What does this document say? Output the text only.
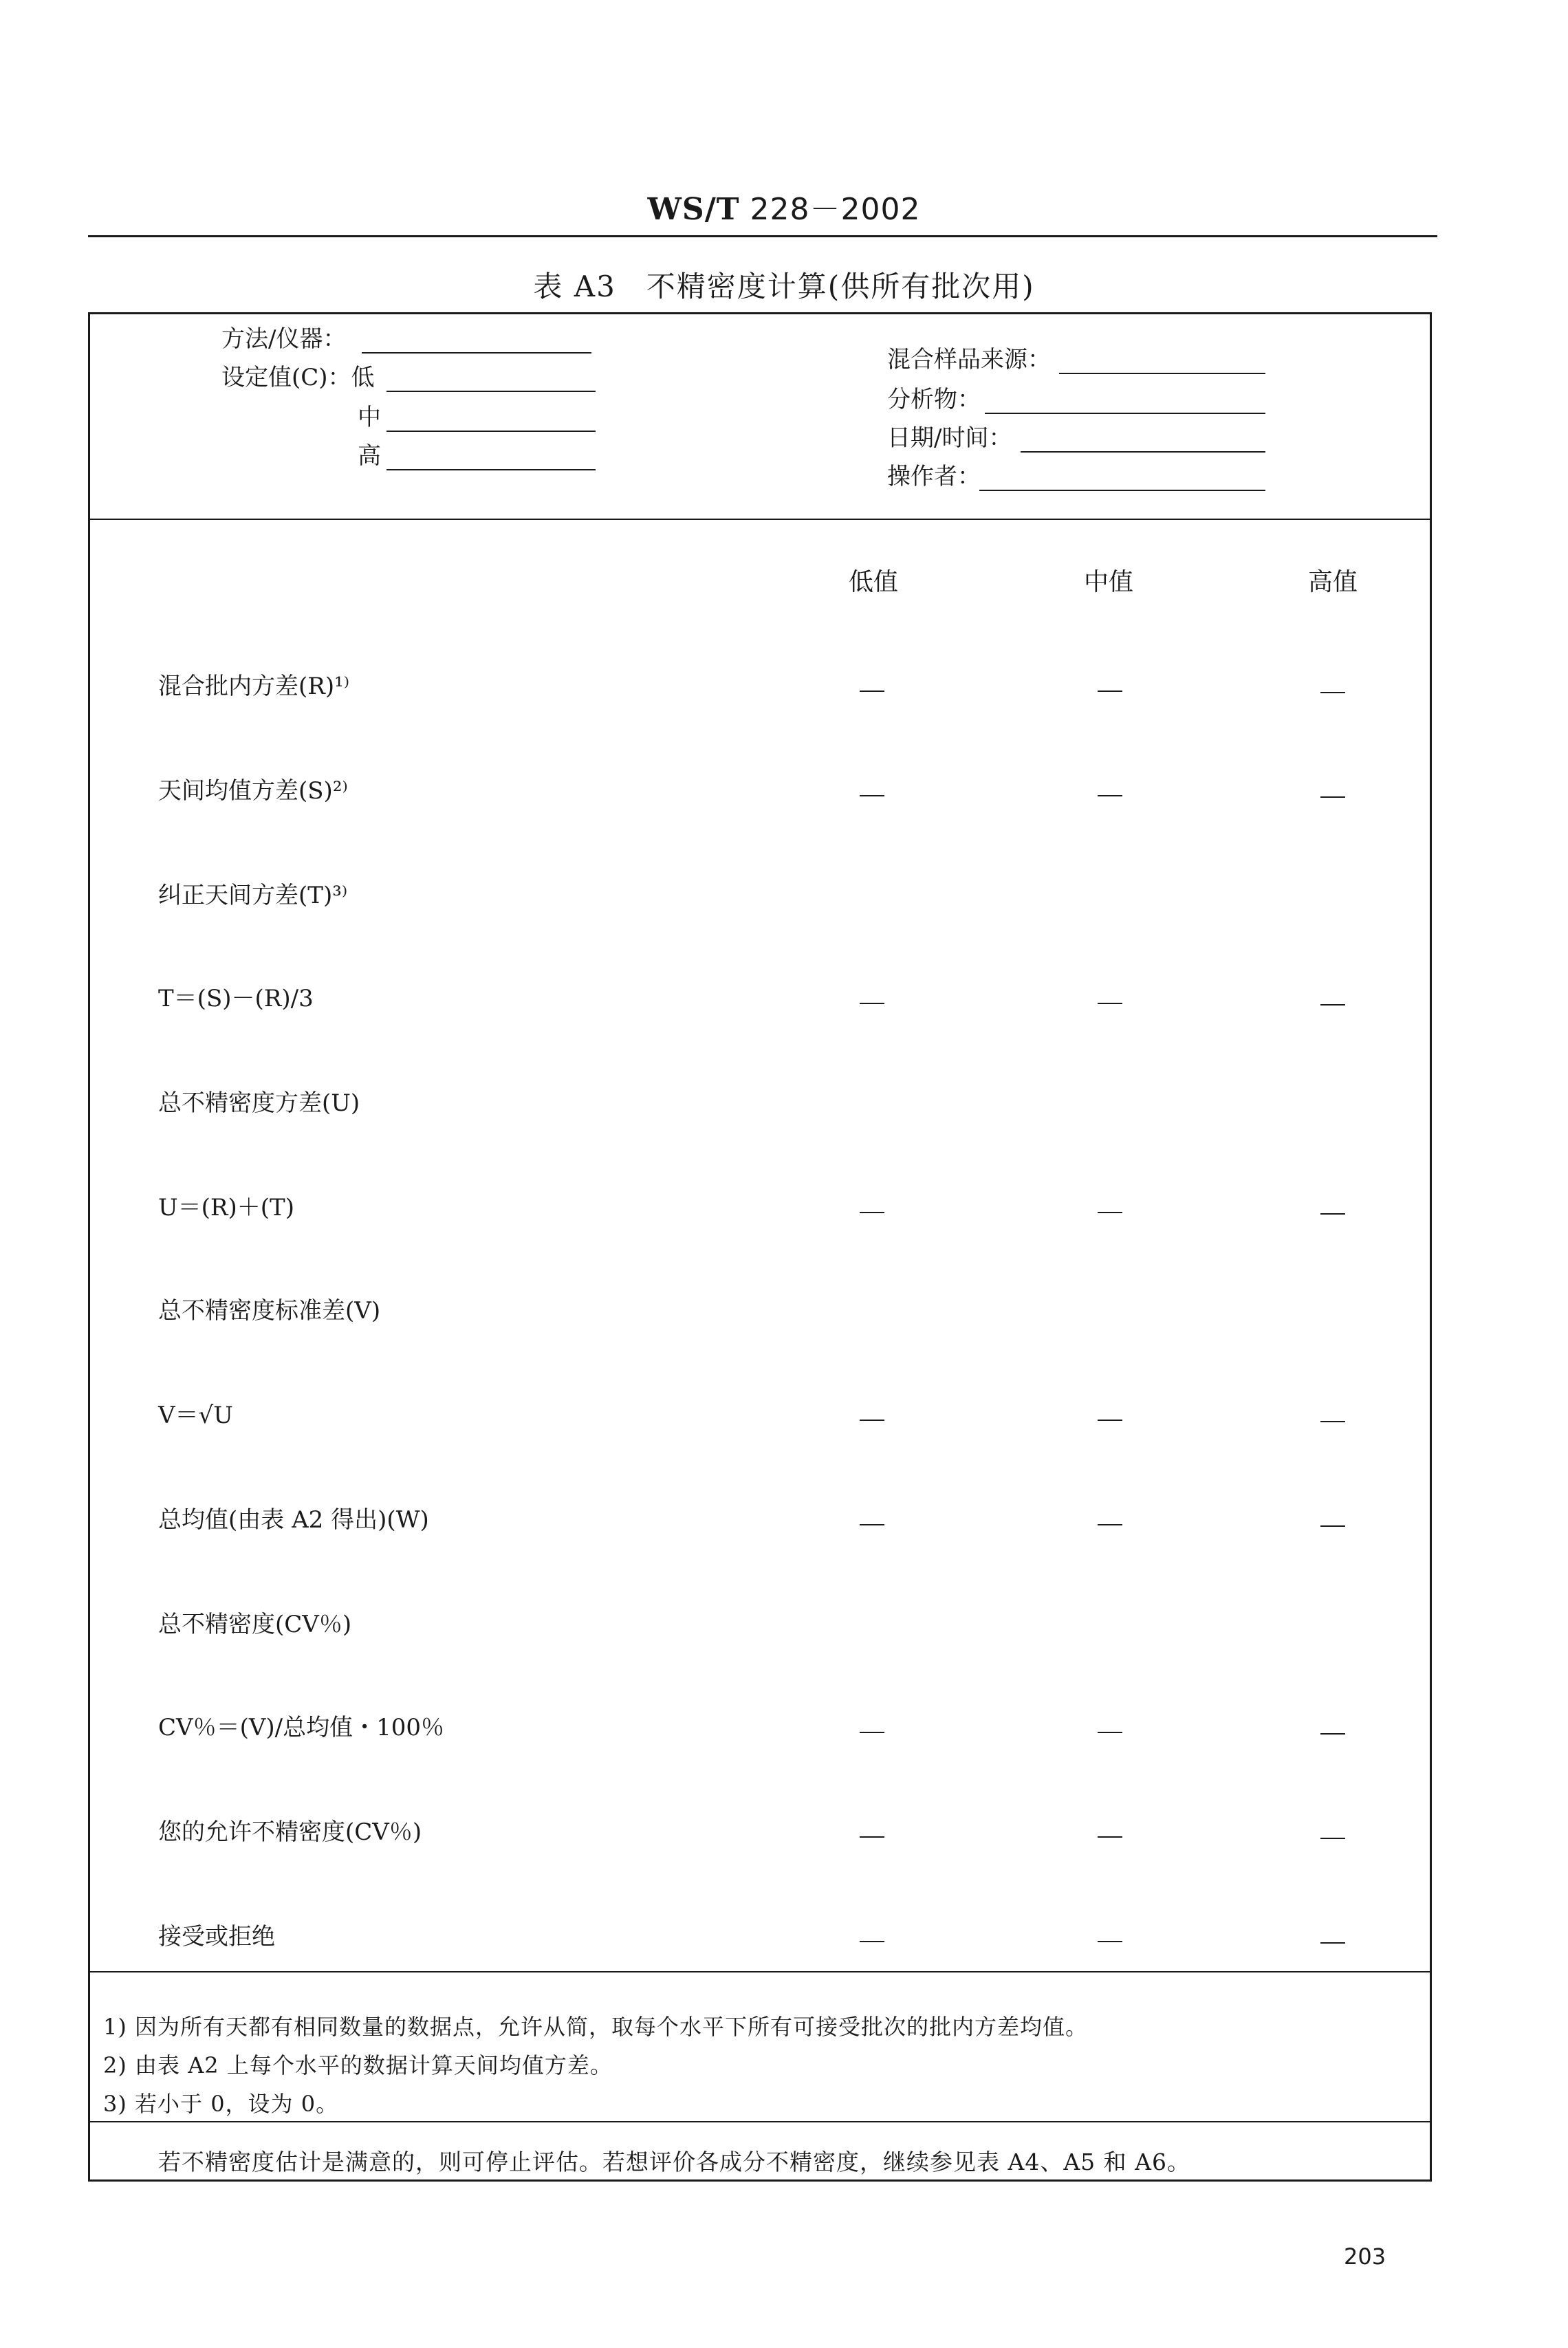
WS/T 228－2002
表 A3　不精密度计算(供所有批次用)
方法/仪器：
设定值(C)：低
中
高
混合样品来源：
分析物：
日期/时间：
操作者：
低值	中值	高值
混合批内方差(R)¹⁾
天间均值方差(S)²⁾
纠正天间方差(T)³⁾
T＝(S)－(R)/3
总不精密度方差(U)
U＝(R)＋(T)
总不精密度标准差(V)
V＝√U
总均值(由表 A2 得出)(W)
总不精密度(CV％)
CV％＝(V)/总均值・100％
您的允许不精密度(CV％)
接受或拒绝
1) 因为所有天都有相同数量的数据点，允许从简，取每个水平下所有可接受批次的批内方差均值。
2) 由表 A2 上每个水平的数据计算天间均值方差。
3) 若小于 0，设为 0。
若不精密度估计是满意的，则可停止评估。若想评价各成分不精密度，继续参见表 A4、A5 和 A6。
203
